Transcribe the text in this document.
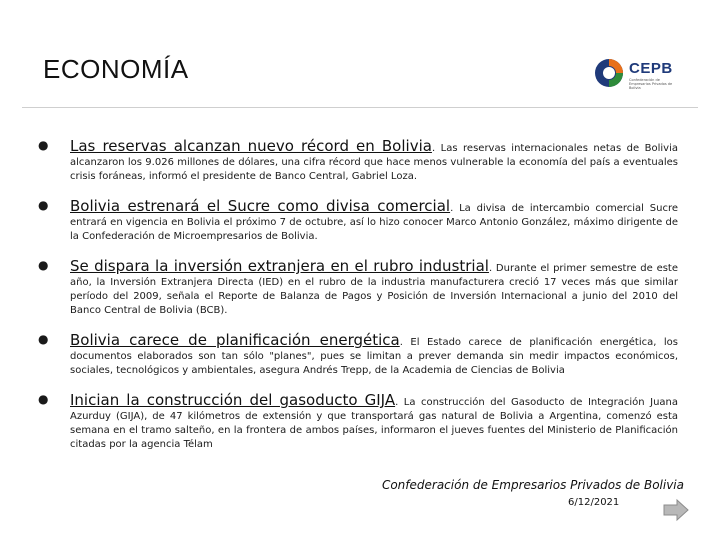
ECONOMÍA	CEPB
Confederación de Empresarios Privados de Bolivia
● Las reservas alcanzan nuevo récord en Bolivia. Las reservas internacionales netas de Bolivia alcanzaron los 9.026 millones de dólares, una cifra récord que hace menos vulnerable la economía del país a eventuales crisis foráneas, informó el presidente de Banco Central, Gabriel Loza.
● Bolivia estrenará el Sucre como divisa comercial. La divisa de intercambio comercial Sucre entrará en vigencia en Bolivia el próximo 7 de octubre, así lo hizo conocer Marco Antonio González, máximo dirigente de la Confederación de Microempresarios de Bolivia.
● Se dispara la inversión extranjera en el rubro industrial. Durante el primer semestre de este año, la Inversión Extranjera Directa (IED) en el rubro de la industria manufacturera creció 17 veces más que similar período del 2009, señala el Reporte de Balanza de Pagos y Posición de Inversión Internacional a junio del 2010 del Banco Central de Bolivia (BCB).
● Bolivia carece de planificación energética. El Estado carece de planificación energética, los documentos elaborados son tan sólo "planes", pues se limitan a prever demanda sin medir impactos económicos, sociales, tecnológicos y ambientales, asegura Andrés Trepp, de la Academia de Ciencias de Bolivia
● Inician la construcción del gasoducto GIJA. La construcción del Gasoducto de Integración Juana Azurduy (GIJA), de 47 kilómetros de extensión y que transportará gas natural de Bolivia a Argentina, comenzó esta semana en el tramo salteño, en la frontera de ambos países, informaron el jueves fuentes del Ministerio de Planificación citadas por la agencia Télam
Confederación de Empresarios Privados de Bolivia
6/12/2021
